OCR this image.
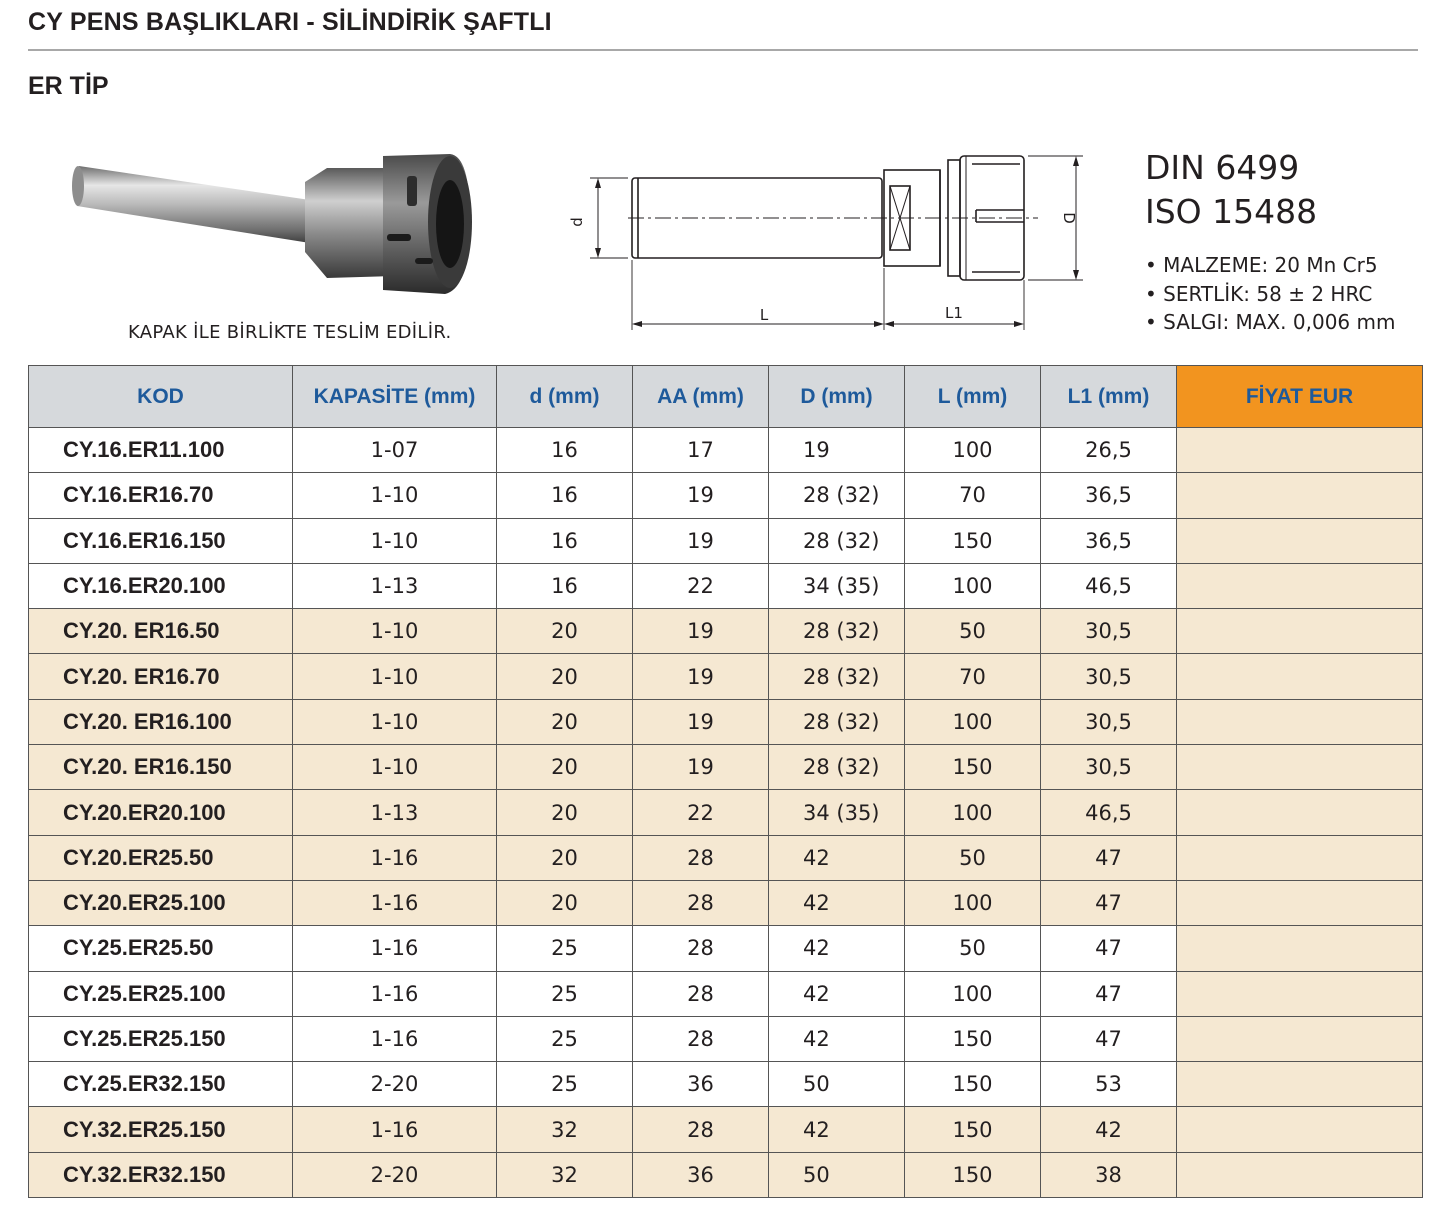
CY PENS BAŞLIKLARI - SİLİNDİRİK ŞAFTLI
ER TİP
KAPAK İLE BİRLİKTE TESLİM EDİLİR.
d	D
L	L1
DIN 6499
ISO 15488
• MALZEME: 20 Mn Cr5
• SERTLİK: 58 ± 2 HRC
• SALGI: MAX. 0,006 mm
KOD	KAPASİTE (mm)	d (mm)	AA (mm)	D (mm)	L (mm)	L1 (mm)	FİYAT EUR
CY.16.ER11.100	1-07	16	17	19	100	26,5	
CY.16.ER16.70	1-10	16	19	28 (32)	70	36,5	
CY.16.ER16.150	1-10	16	19	28 (32)	150	36,5	
CY.16.ER20.100	1-13	16	22	34 (35)	100	46,5	
CY.20. ER16.50	1-10	20	19	28 (32)	50	30,5	
CY.20. ER16.70	1-10	20	19	28 (32)	70	30,5	
CY.20. ER16.100	1-10	20	19	28 (32)	100	30,5	
CY.20. ER16.150	1-10	20	19	28 (32)	150	30,5	
CY.20.ER20.100	1-13	20	22	34 (35)	100	46,5	
CY.20.ER25.50	1-16	20	28	42	50	47	
CY.20.ER25.100	1-16	20	28	42	100	47	
CY.25.ER25.50	1-16	25	28	42	50	47	
CY.25.ER25.100	1-16	25	28	42	100	47	
CY.25.ER25.150	1-16	25	28	42	150	47	
CY.25.ER32.150	2-20	25	36	50	150	53	
CY.32.ER25.150	1-16	32	28	42	150	42	
CY.32.ER32.150	2-20	32	36	50	150	38	
